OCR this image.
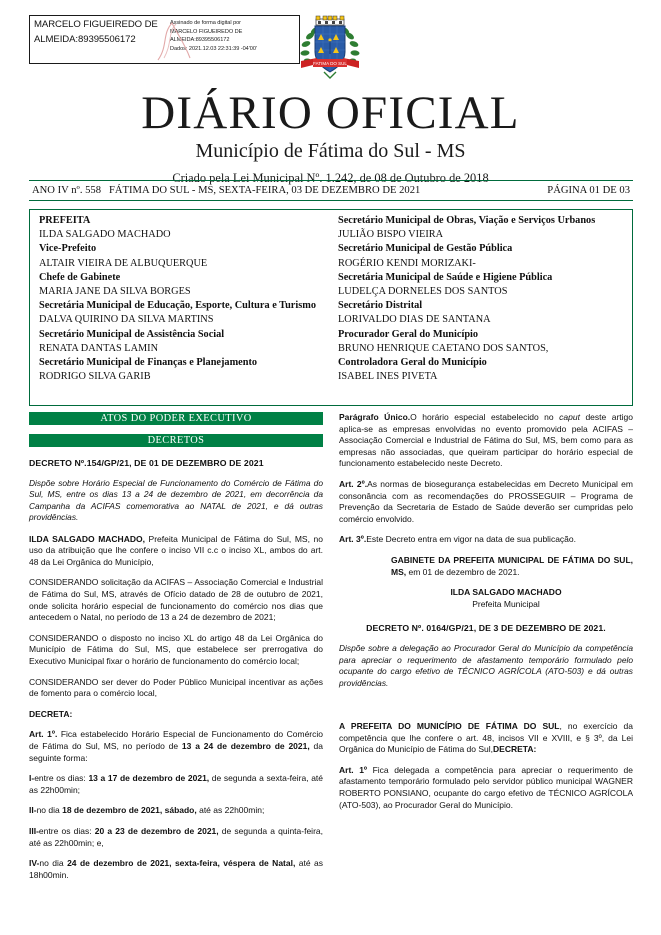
MARCELO FIGUEIREDO DE ALMEIDA:89395506172
Assinado de forma digital por
MARCELO FIGUEIREDO DE
ALMEIDA:89395506172
Dados: 2021.12.03 22:31:39 -04'00'
FATIMA DO SUL
DIÁRIO OFICIAL
Município de Fátima do Sul - MS
Criado pela Lei Municipal Nº. 1.242, de 08 de Outubro de 2018
ANO IV nº. 558 FÁTIMA DO SUL - MS, SEXTA-FEIRA, 03 DE DEZEMBRO DE 2021	PÁGINA 01 DE 03
PREFEITA
ILDA SALGADO MACHADO
Vice-Prefeito
ALTAIR VIEIRA DE ALBUQUERQUE
Chefe de Gabinete
MARIA JANE DA SILVA BORGES
Secretária Municipal de Educação, Esporte, Cultura e Turismo
DALVA QUIRINO DA SILVA MARTINS
Secretário Municipal de Assistência Social
RENATA DANTAS LAMIN
Secretário Municipal de Finanças e Planejamento
RODRIGO SILVA GARIB
Secretário Municipal de Obras, Viação e Serviços Urbanos
JULIÃO BISPO VIEIRA
Secretário Municipal de Gestão Pública
ROGÉRIO KENDI MORIZAKI-
Secretária Municipal de Saúde e Higiene Pública
LUDELÇA DORNELES DOS SANTOS
Secretário Distrital
LORIVALDO DIAS DE SANTANA
Procurador Geral do Município
BRUNO HENRIQUE CAETANO DOS SANTOS,
Controladora Geral do Município
ISABEL INES PIVETA
ATOS DO PODER EXECUTIVO
DECRETOS
DECRETO Nº.154/GP/21, DE 01 DE DEZEMBRO DE 2021

Dispõe sobre Horário Especial de Funcionamento do Comércio de Fátima do Sul, MS, entre os dias 13 a 24 de dezembro de 2021, em decorrência da Campanha da ACIFAS comemorativa ao NATAL de 2021, e dá outras providências.

ILDA SALGADO MACHADO, Prefeita Municipal de Fátima do Sul, MS, no uso da atribuição que lhe confere o inciso VII c.c o inciso XL, ambos do art. 48 da Lei Orgânica do Município,

CONSIDERANDO solicitação da ACIFAS – Associação Comercial e Industrial de Fátima do Sul, MS, através de Ofício datado de 28 de outubro de 2021, onde solicita horário especial de funcionamento do comércio nos dias que antecedem o Natal, no período de 13 a 24 de dezembro de 2021;

CONSIDERANDO o disposto no inciso XL do artigo 48 da Lei Orgânica do Município de Fátima do Sul, MS, que estabelece ser prerrogativa do Executivo Municipal fixar o horário de funcionamento do comércio local;

CONSIDERANDO ser dever do Poder Público Municipal incentivar as ações de fomento para o comércio local,

DECRETA:

Art. 1º. Fica estabelecido Horário Especial de Funcionamento do Comércio de Fátima do Sul, MS, no período de 13 a 24 de dezembro de 2021, da seguinte forma:

I-entre os dias: 13 a 17 de dezembro de 2021, de segunda a sexta-feira, até as 22h00min;

II-no dia 18 de dezembro de 2021, sábado, até as 22h00min;

III-entre os dias: 20 a 23 de dezembro de 2021, de segunda a quinta-feira, até as 22h00min; e,

IV-no dia 24 de dezembro de 2021, sexta-feira, véspera de Natal, até as 18h00min.

Parágrafo Único.O horário especial estabelecido no caput deste artigo aplica-se as empresas envolvidas no evento promovido pela ACIFAS – Associação Comercial e Industrial de Fátima do Sul, MS, bem como para as empresas não associadas, que queiram participar do horário especial de funcionamento estabelecido neste Decreto.

Art. 2º.As normas de biosegurança estabelecidas em Decreto Municipal em consonância com as recomendações do PROSSEGUIR – Programa de Prevenção da Secretaria de Estado de Saúde deverão ser cumpridas pelo comércio envolvido.

Art. 3º.Este Decreto entra em vigor na data de sua publicação.

GABINETE DA PREFEITA MUNICIPAL DE FÁTIMA DO SUL, MS, em 01 de dezembro de 2021.

ILDA SALGADO MACHADO
Prefeita Municipal
DECRETO Nº. 0164/GP/21, DE 3 DE DEZEMBRO DE 2021.

Dispõe sobre a delegação ao Procurador Geral do Município da competência para apreciar o requerimento de afastamento temporário formulado pelo ocupante do cargo efetivo de TÉCNICO AGRÍCOLA (ATO-503) e dá outras providências.

A PREFEITA DO MUNICÍPIO DE FÁTIMA DO SUL, no exercício da competência que lhe confere o art. 48, incisos VII e XVIII, e § 3º, da Lei Orgânica do Município de Fátima do Sul,DECRETA:

Art. 1º Fica delegada a competência para apreciar o requerimento de afastamento temporário formulado pelo servidor público municipal WAGNER ROBERTO PONSIANO, ocupante do cargo efetivo de TÉCNICO AGRÍCOLA (ATO-503), ao Procurador Geral do Município.
